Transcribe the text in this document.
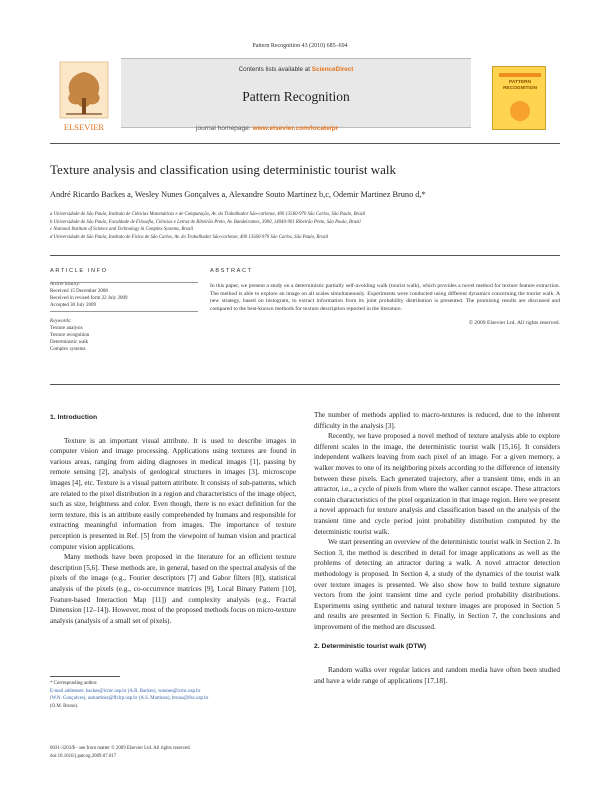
Pattern Recognition 43 (2010) 685–694
ELSEVIER
Contents lists available at ScienceDirect
Pattern Recognition
journal homepage: www.elsevier.com/locate/pr
PATTERN
RECOGNITION
Texture analysis and classification using deterministic tourist walk
André Ricardo Backes a, Wesley Nunes Gonçalves a, Alexandre Souto Martinez b,c, Odemir Martinez Bruno d,*
a Universidade de São Paulo, Instituto de Ciências Matemáticas e de Computação, Av. do Trabalhador São-carlense, 400 13560-970 São Carlos, São Paulo, Brazil
b Universidade de São Paulo, Faculdade de Filosofia, Ciências e Letras de Ribeirão Preto, Av. Bandeirantes, 3900, 14040-901 Ribeirão Preto, São Paulo, Brazil
c National Institute of Science and Technology in Complex Systems, Brazil
d Universidade de São Paulo, Instituto de Física de São Carlos, Av. do Trabalhador São-carlense, 400 13560-970 São Carlos, São Paulo, Brazil
ARTICLE INFO
Article history:
Received 15 December 2008
Received in revised form 22 July 2009
Accepted 30 July 2009
Keywords:
Texture analysis
Texture recognition
Deterministic walk
Complex systems
ABSTRACT
In this paper, we present a study on a deterministic partially self-avoiding walk (tourist walk), which provides a novel method for texture feature extraction. The method is able to explore an image on all scales simultaneously. Experiments were conducted using different dynamics concerning the tourist walk. A new strategy, based on histogram, to extract information from its joint probability distribution is presented. The promising results are discussed and compared to the best-known methods for texture description reported in the literature.
© 2009 Elsevier Ltd. All rights reserved.
1. Introduction

Texture is an important visual attribute. It is used to describe images in computer vision and image processing. Applications using textures are found in various areas, ranging from aiding diagnoses in medical images [1], passing by remote sensing [2], analysis of geological structures in images [3], microscope images [4], etc. Texture is a visual pattern attribute. It consists of sub-patterns, which are related to the pixel distribution in a region and characteristics of the image object, such as size, brightness and color. Even though, there is no exact definition for the term texture, this is an attribute easily comprehended by humans and responsible for extracting meaningful information from images. The importance of texture perception is presented in Ref. [5] from the viewpoint of human vision and practical computer vision applications.

Many methods have been proposed in the literature for an efficient texture description [5,6]. These methods are, in general, based on the spectral analysis of the pixels of the image (e.g., Fourier descriptors [7] and Gabor filters [8]), statistical analysis of the pixels (e.g., co-occurrence matrices [9], Local Binary Pattern [10], Feature-based Interaction Map [11]) and complexity analysis (e.g., Fractal Dimension [12–14]). However, most of the proposed methods focus on micro-texture analysis (analysis of a small set of pixels).

The number of methods applied to macro-textures is reduced, due to the inherent difficulty in the analysis [3].

Recently, we have proposed a novel method of texture analysis able to explore different scales in the image, the deterministic tourist walk [15,16]. It considers independent walkers leaving from each pixel of an image. For a given memory, a walker moves to one of its neighboring pixels according to the difference of intensity between these pixels. Each generated trajectory, after a transient time, ends in an attractor, i.e., a cycle of pixels from where the walker cannot escape. These attractors contain characteristics of the pixel organization in that image region. Here we present a novel approach for texture analysis and classification based on the analysis of the transient time and cycle period joint probability distribution computed by the deterministic tourist walk.

We start presenting an overview of the deterministic tourist walk in Section 2. In Section 3, the method is described in detail for image applications as well as the problems of detecting an attractor during a walk. A novel attractor detection methodology is proposed. In Section 4, a study of the dynamics of the tourist walk over texture images is presented. We also show how to build texture signature vectors from the joint transient time and cycle period probability distributions. Experiments using synthetic and natural texture images are proposed in Section 5 and results are presented in Section 6. Finally, in Section 7, the conclusions and improvement of the method are discussed.

2. Deterministic tourist walk (DTW)

Random walks over regular latices and random media have often been studied and have a wide range of applications [17,18].

* Corresponding author.
E-mail addresses: backes@icmc.usp.br (A.R. Backes), wnunes@icmc.usp.br
(W.N. Gonçalves), asmartinez@ffclrp.usp.br (A.S. Martinez), bruno@ifsc.usp.br
(O.M. Bruno).
0031-3203/$ - see front matter © 2009 Elsevier Ltd. All rights reserved.
doi:10.1016/j.patcog.2009.07.017
